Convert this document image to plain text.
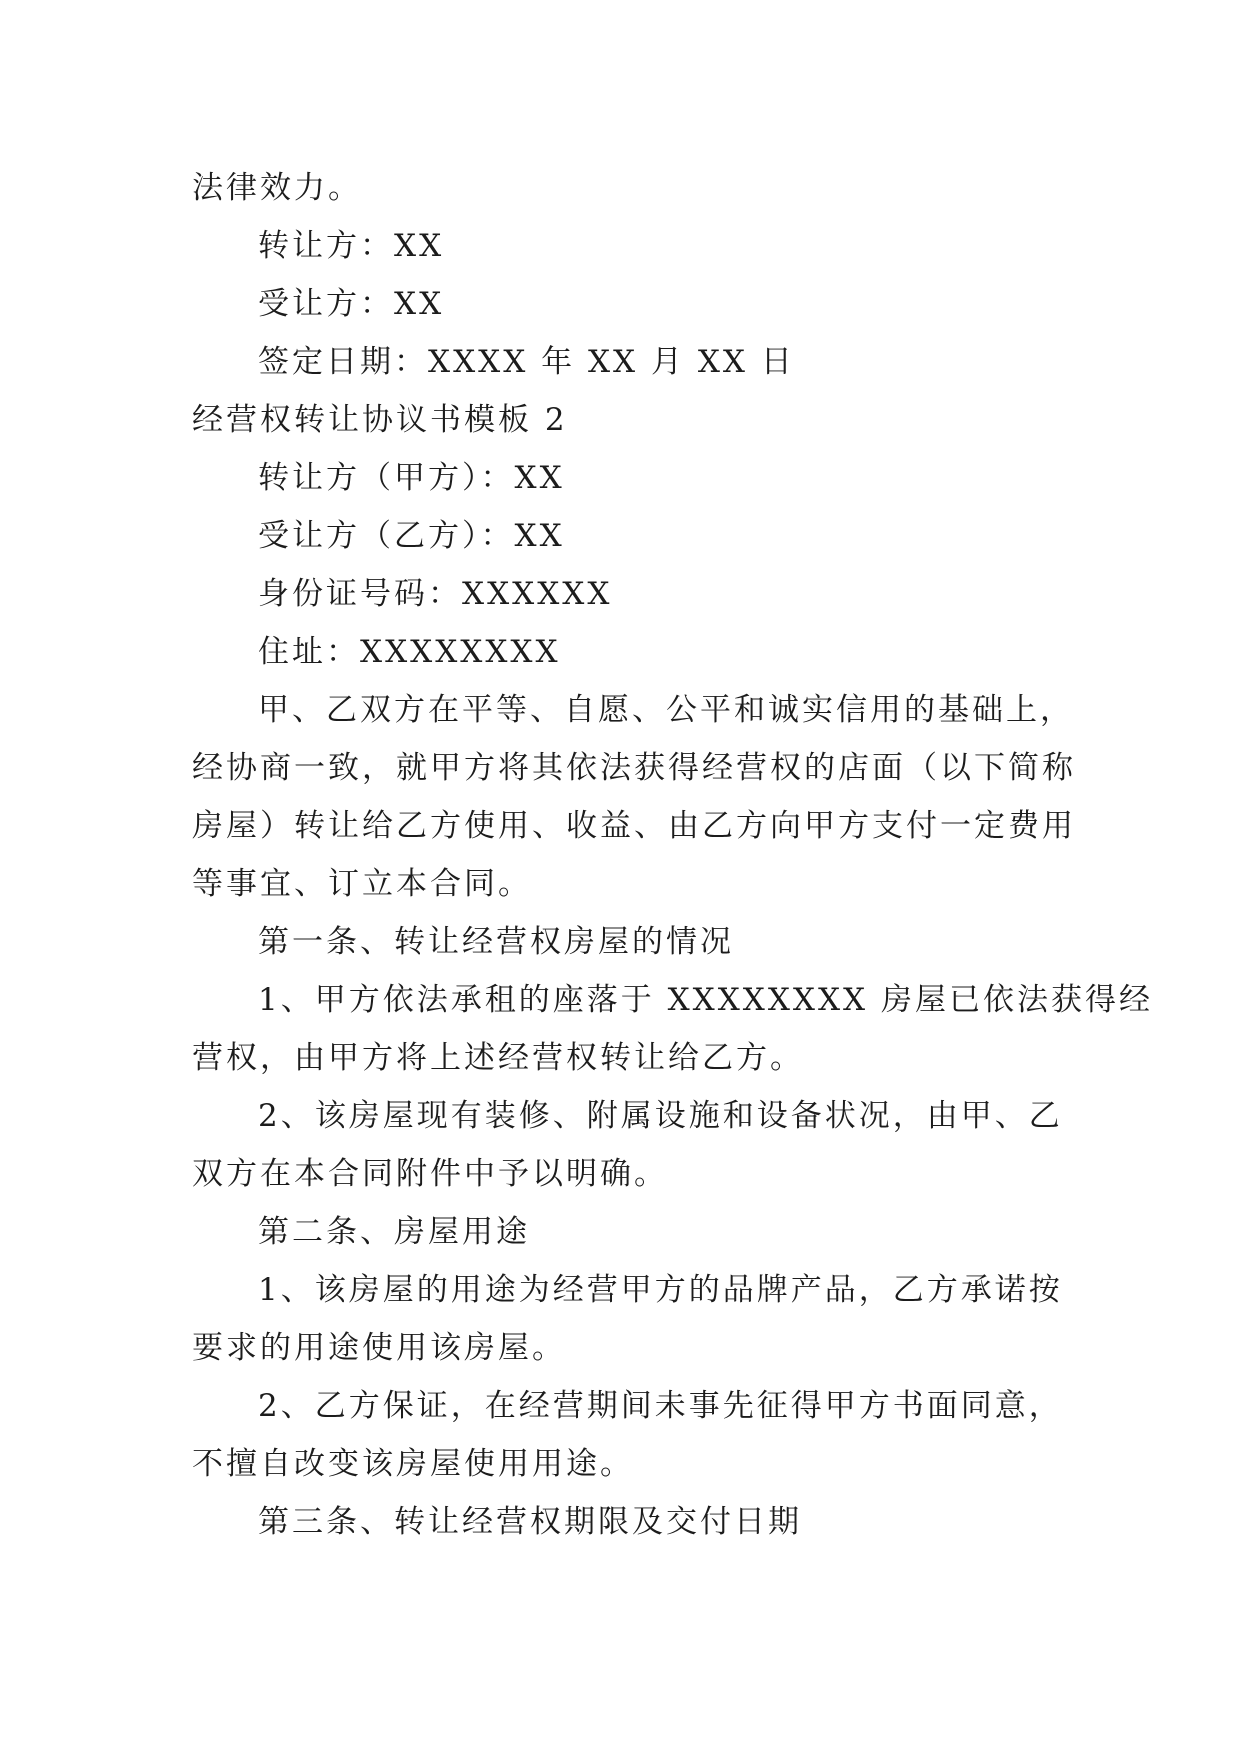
法律效力。
转让方：XX
受让方：XX
签定日期：XXXX 年 XX 月 XX 日
经营权转让协议书模板 2
转让方（甲方）：XX
受让方（乙方）：XX
身份证号码：XXXXXX
住址：XXXXXXXX
甲、乙双方在平等、自愿、公平和诚实信用的基础上，
经协商一致，就甲方将其依法获得经营权的店面（以下简称
房屋）转让给乙方使用、收益、由乙方向甲方支付一定费用
等事宜、订立本合同。
第一条、转让经营权房屋的情况
1、甲方依法承租的座落于 XXXXXXXX 房屋已依法获得经
营权，由甲方将上述经营权转让给乙方。
2、该房屋现有装修、附属设施和设备状况，由甲、乙
双方在本合同附件中予以明确。
第二条、房屋用途
1、该房屋的用途为经营甲方的品牌产品，乙方承诺按
要求的用途使用该房屋。
2、乙方保证，在经营期间未事先征得甲方书面同意，
不擅自改变该房屋使用用途。
第三条、转让经营权期限及交付日期
